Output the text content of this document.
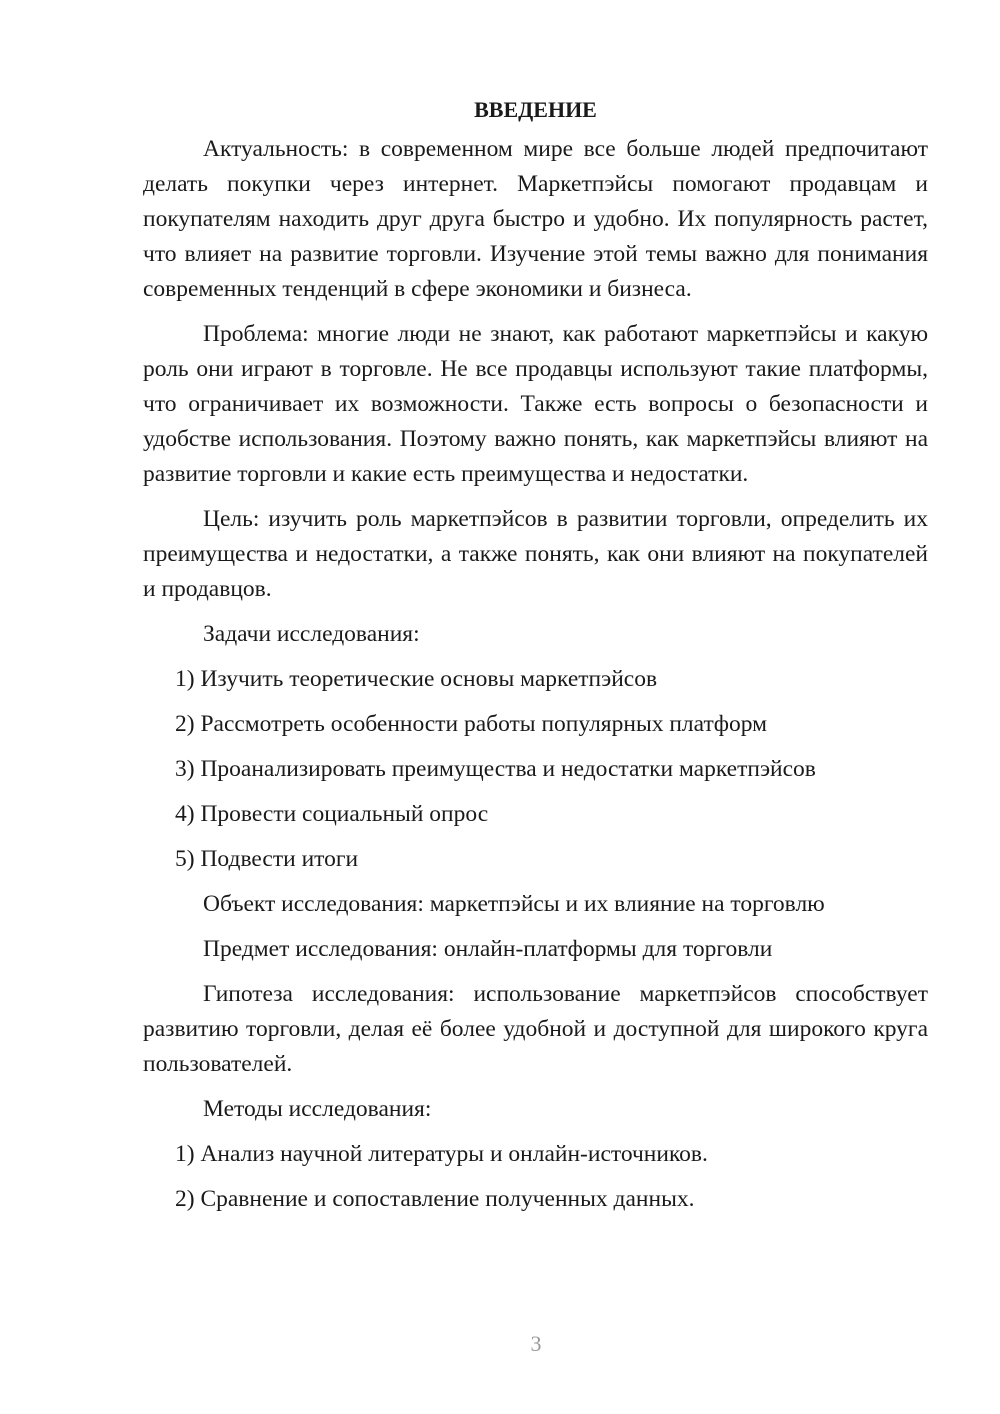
ВВЕДЕНИЕ

Актуальность: в современном мире все больше людей предпочитают делать покупки через интернет. Маркетпэйсы помогают продавцам и покупателям находить друг друга быстро и удобно. Их популярность растет, что влияет на развитие торговли. Изучение этой темы важно для понимания современных тенденций в сфере экономики и бизнеса.

Проблема: многие люди не знают, как работают маркетпэйсы и какую роль они играют в торговле. Не все продавцы используют такие платформы, что ограничивает их возможности. Также есть вопросы о безопасности и удобстве использования. Поэтому важно понять, как маркетпэйсы влияют на развитие торговли и какие есть преимущества и недостатки.

Цель: изучить роль маркетпэйсов в развитии торговли, определить их преимущества и недостатки, а также понять, как они влияют на покупателей и продавцов.

Задачи исследования:

1) Изучить теоретические основы маркетпэйсов

2) Рассмотреть особенности работы популярных платформ

3) Проанализировать преимущества и недостатки маркетпэйсов

4) Провести социальный опрос

5) Подвести итоги

Объект исследования: маркетпэйсы и их влияние на торговлю

Предмет исследования: онлайн-платформы для торговли

Гипотеза исследования: использование маркетпэйсов способствует развитию торговли, делая её более удобной и доступной для широкого круга пользователей.

Методы исследования:

1) Анализ научной литературы и онлайн-источников.

2) Сравнение и сопоставление полученных данных.

3
